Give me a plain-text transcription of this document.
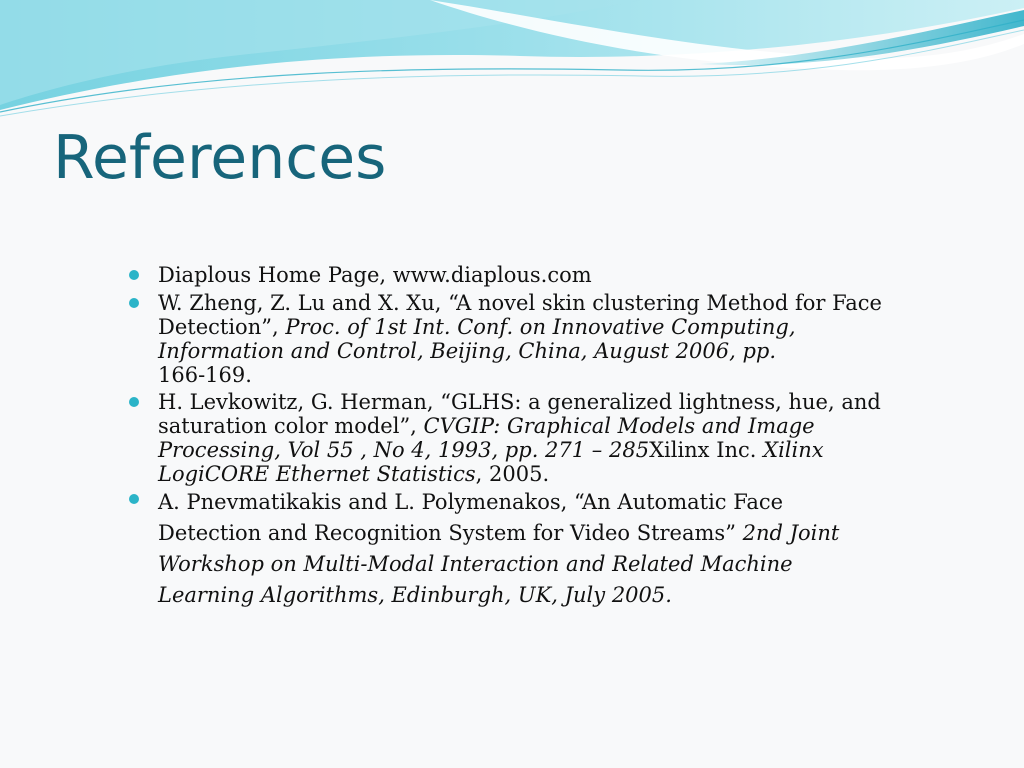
References
Diaplous Home Page, www.diaplous.com
W. Zheng, Z. Lu and X. Xu, “A novel skin clustering Method for Face
Detection”, Proc. of 1st Int. Conf. on Innovative Computing,
Information and Control, Beijing, China, August 2006, pp.
166-169.
H. Levkowitz, G. Herman, “GLHS: a generalized lightness, hue, and
saturation color model”, CVGIP: Graphical Models and Image
Processing, Vol 55 , No 4, 1993, pp. 271 – 285Xilinx Inc. Xilinx
LogiCORE Ethernet Statistics, 2005.
A. Pnevmatikakis and L. Polymenakos, “An Automatic Face
Detection and Recognition System for Video Streams” 2nd Joint
Workshop on Multi-Modal Interaction and Related Machine
Learning Algorithms, Edinburgh, UK, July 2005.
